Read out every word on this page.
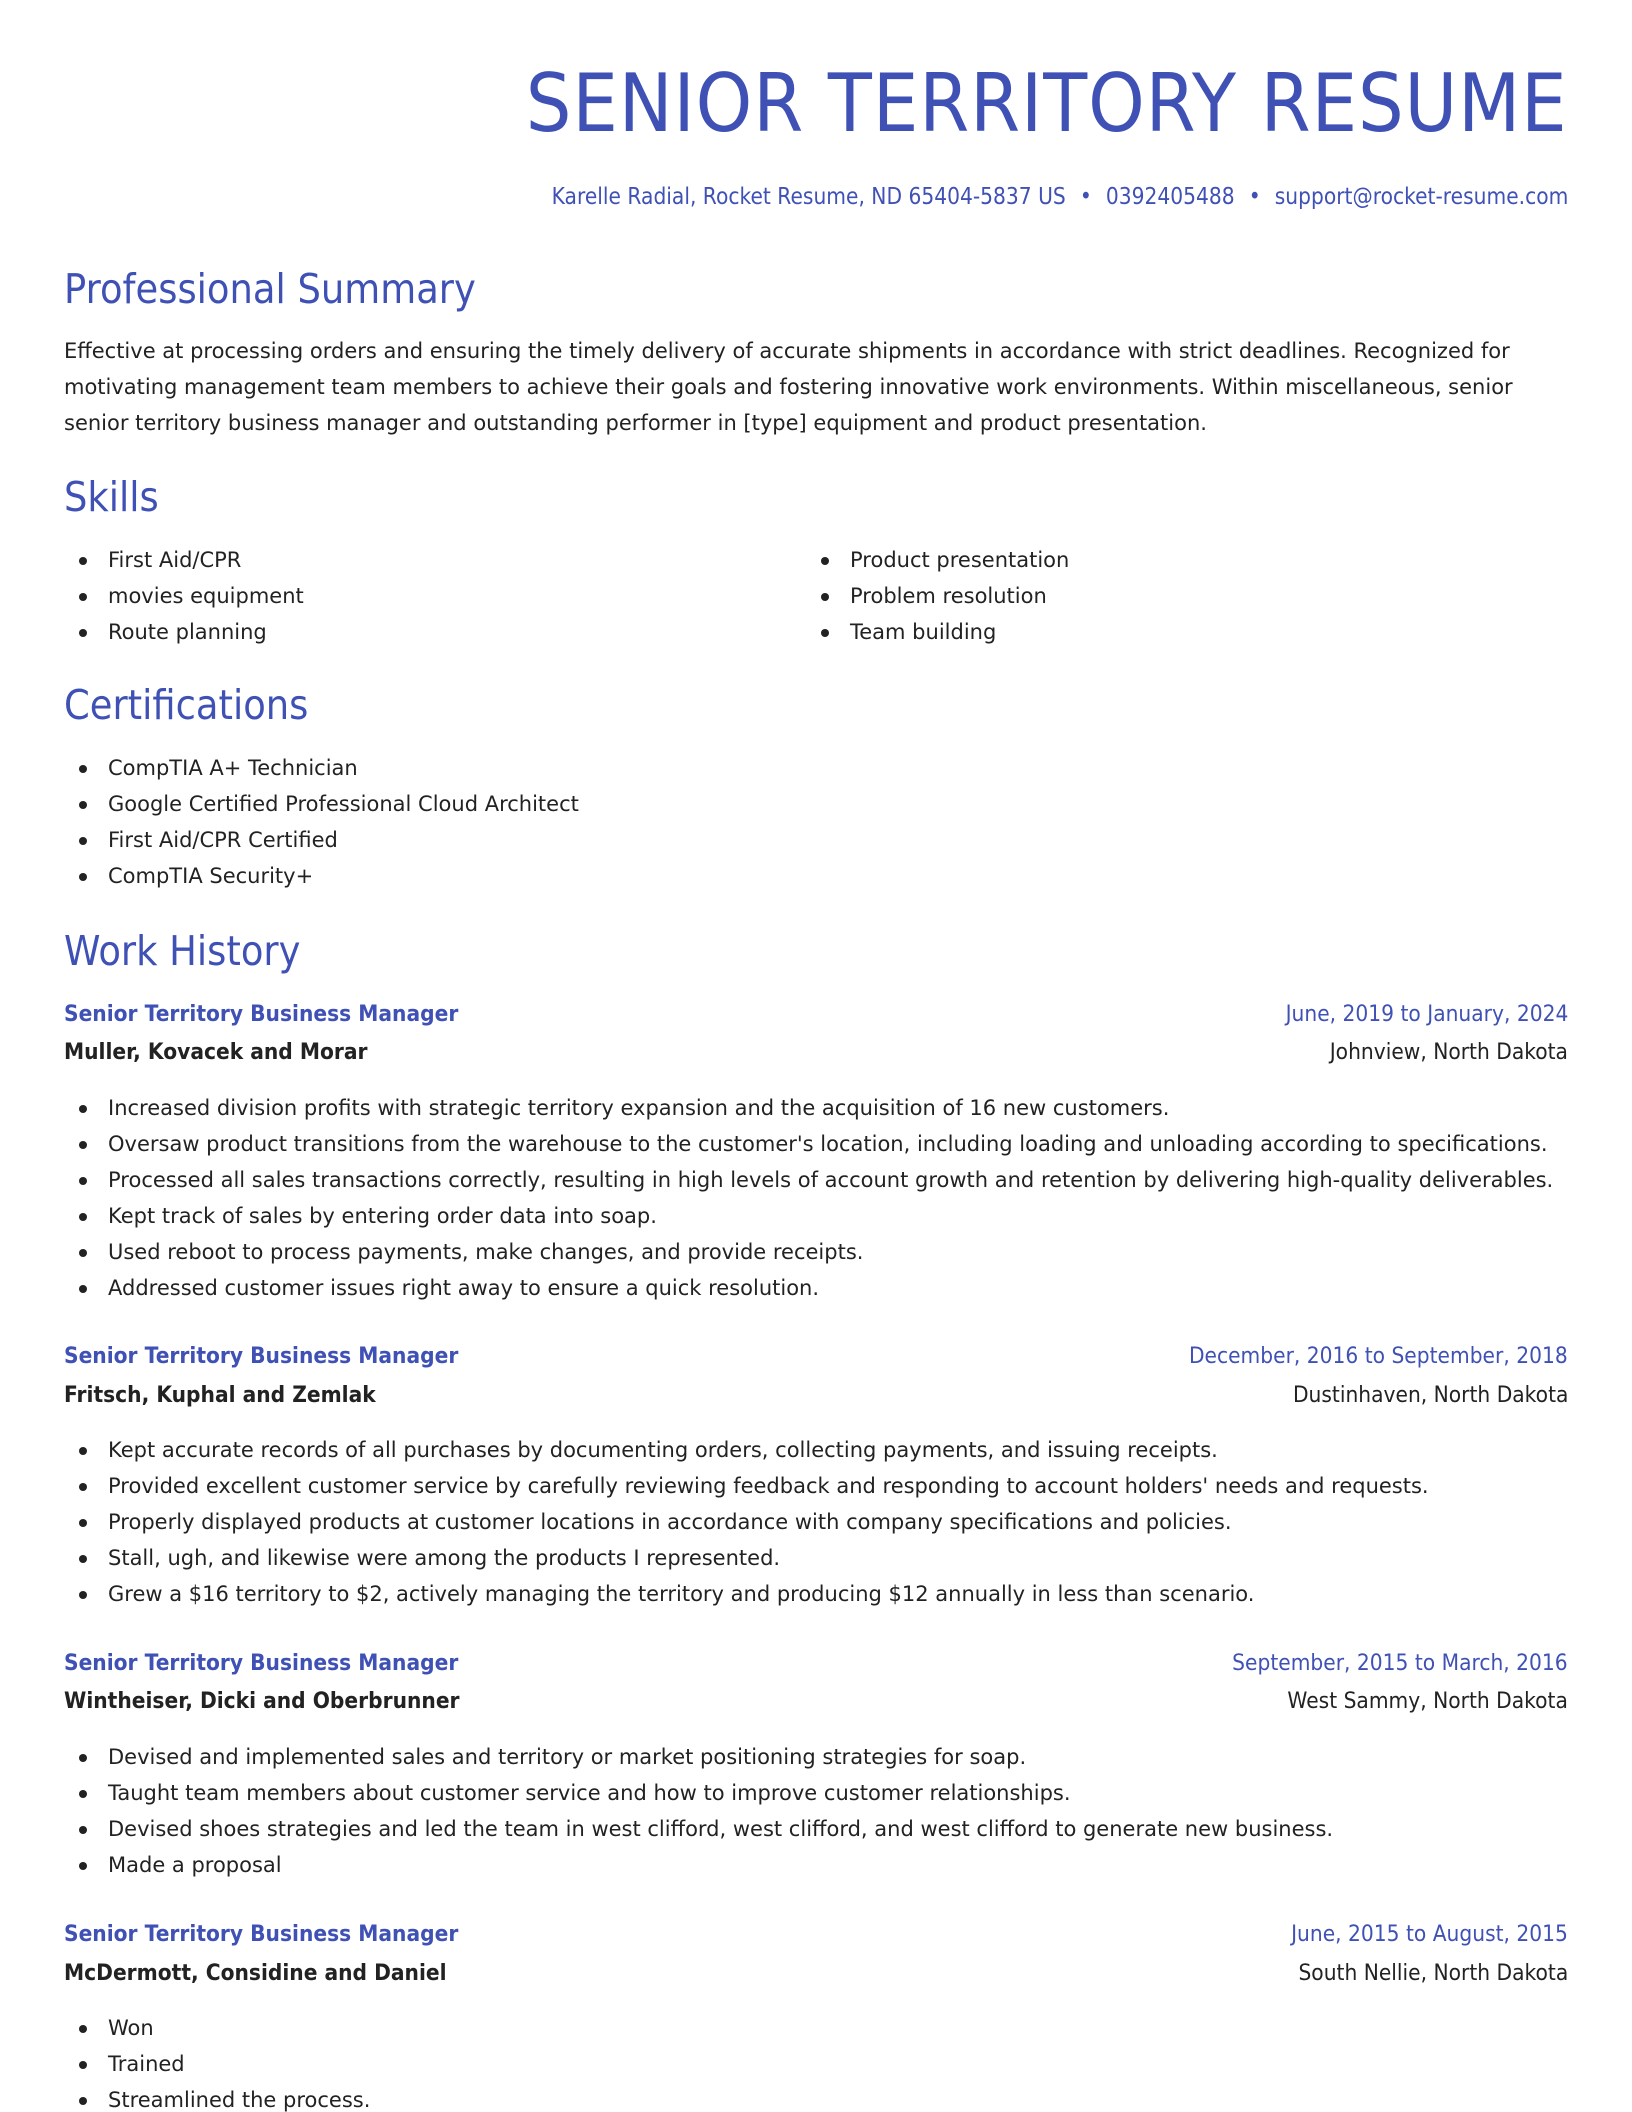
SENIOR TERRITORY RESUME
Karelle Radial, Rocket Resume, ND 65404-5837 US • 0392405488 • support@rocket-resume.com
Professional Summary
Effective at processing orders and ensuring the timely delivery of accurate shipments in accordance with strict deadlines. Recognized for motivating management team members to achieve their goals and fostering innovative work environments. Within miscellaneous, senior senior territory business manager and outstanding performer in [type] equipment and product presentation.
Skills
First Aid/CPR
movies equipment
Route planning
Product presentation
Problem resolution
Team building
Certifications
CompTIA A+ Technician
Google Certified Professional Cloud Architect
First Aid/CPR Certified
CompTIA Security+
Work History
Senior Territory Business Manager	June, 2019 to January, 2024
Muller, Kovacek and Morar	Johnview, North Dakota
Increased division profits with strategic territory expansion and the acquisition of 16 new customers.
Oversaw product transitions from the warehouse to the customer's location, including loading and unloading according to specifications.
Processed all sales transactions correctly, resulting in high levels of account growth and retention by delivering high-quality deliverables.
Kept track of sales by entering order data into soap.
Used reboot to process payments, make changes, and provide receipts.
Addressed customer issues right away to ensure a quick resolution.
Senior Territory Business Manager	December, 2016 to September, 2018
Fritsch, Kuphal and Zemlak	Dustinhaven, North Dakota
Kept accurate records of all purchases by documenting orders, collecting payments, and issuing receipts.
Provided excellent customer service by carefully reviewing feedback and responding to account holders' needs and requests.
Properly displayed products at customer locations in accordance with company specifications and policies.
Stall, ugh, and likewise were among the products I represented.
Grew a $16 territory to $2, actively managing the territory and producing $12 annually in less than scenario.
Senior Territory Business Manager	September, 2015 to March, 2016
Wintheiser, Dicki and Oberbrunner	West Sammy, North Dakota
Devised and implemented sales and territory or market positioning strategies for soap.
Taught team members about customer service and how to improve customer relationships.
Devised shoes strategies and led the team in west clifford, west clifford, and west clifford to generate new business.
Made a proposal
Senior Territory Business Manager	June, 2015 to August, 2015
McDermott, Considine and Daniel	South Nellie, North Dakota
Won
Trained
Streamlined the process.
